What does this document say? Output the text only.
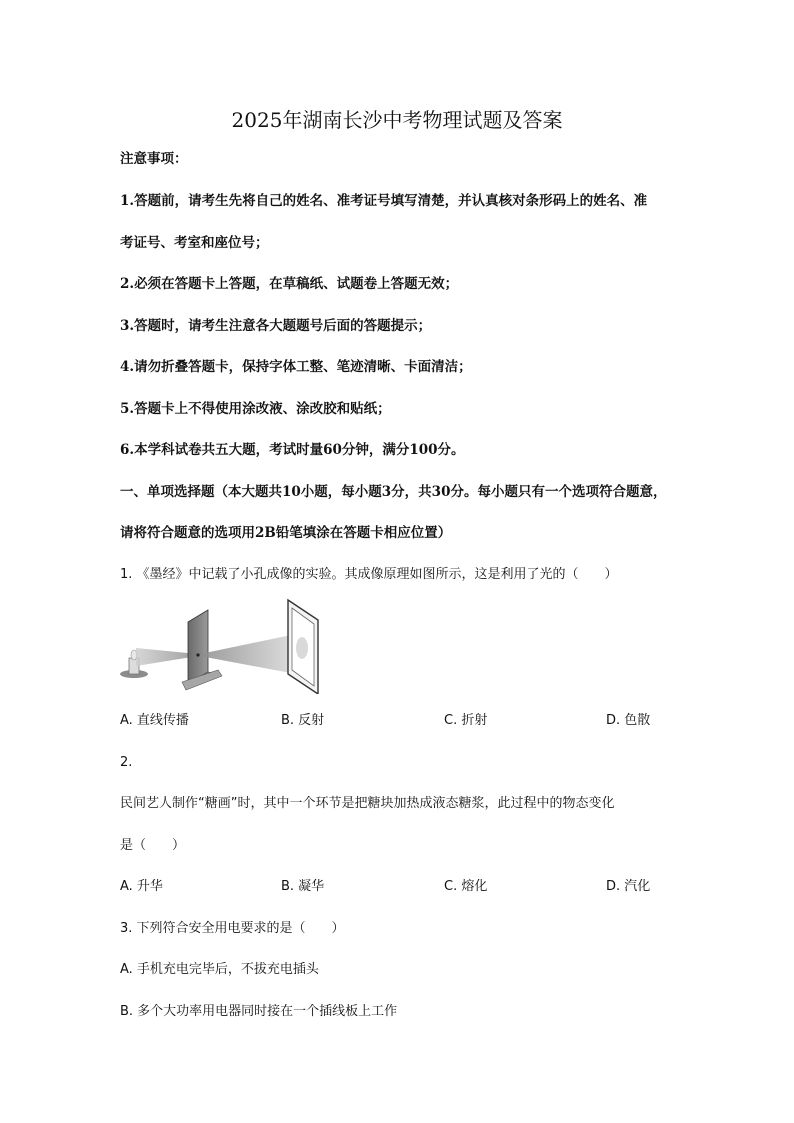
2025年湖南长沙中考物理试题及答案
注意事项：
1.答题前，请考生先将自己的姓名、准考证号填写清楚，并认真核对条形码上的姓名、准
考证号、考室和座位号；
2.必须在答题卡上答题，在草稿纸、试题卷上答题无效；
3.答题时，请考生注意各大题题号后面的答题提示；
4.请勿折叠答题卡，保持字体工整、笔迹清晰、卡面清洁；
5.答题卡上不得使用涂改液、涂改胶和贴纸；
6.本学科试卷共五大题，考试时量60分钟，满分100分。
一、单项选择题（本大题共10小题，每小题3分，共30分。每小题只有一个选项符合题意，
请将符合题意的选项用2B铅笔填涂在答题卡相应位置）
1. 《墨经》中记载了小孔成像的实验。其成像原理如图所示，这是利用了光的（　　）
A. 直线传播	B. 反射	C. 折射	D. 色散
2.
民间艺人制作“糖画”时，其中一个环节是把糖块加热成液态糖浆，此过程中的物态变化
是（　　）
A. 升华	B. 凝华	C. 熔化	D. 汽化
3. 下列符合安全用电要求的是（　　）
A. 手机充电完毕后，不拔充电插头
B. 多个大功率用电器同时接在一个插线板上工作
